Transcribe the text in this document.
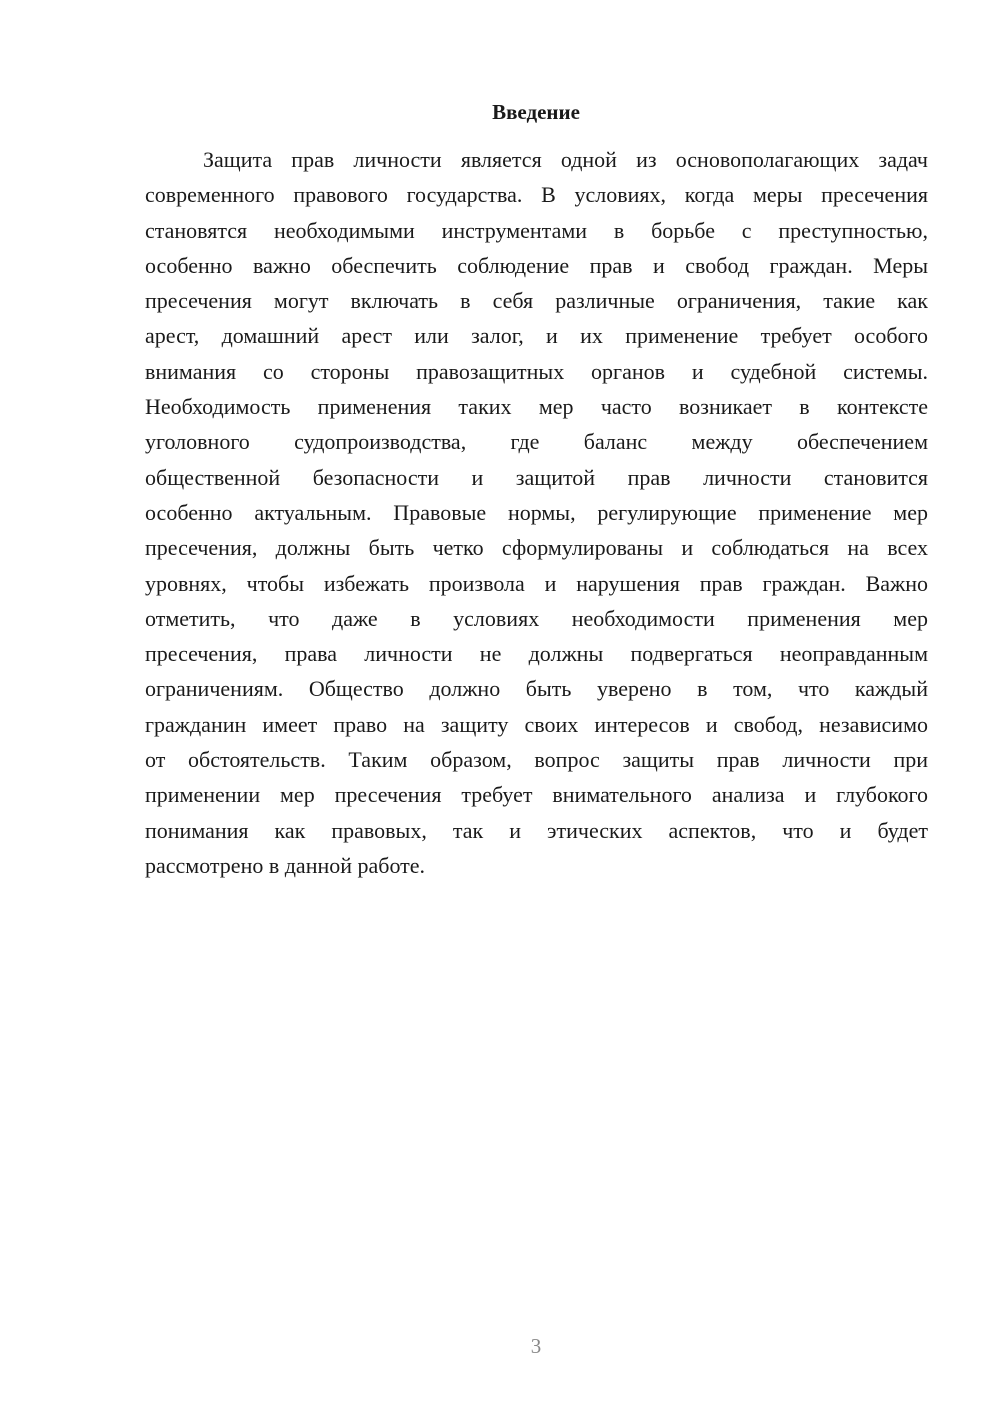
Введение
Защита прав личности является одной из основополагающих задач
современного правового государства. В условиях, когда меры пресечения
становятся необходимыми инструментами в борьбе с преступностью,
особенно важно обеспечить соблюдение прав и свобод граждан. Меры
пресечения могут включать в себя различные ограничения, такие как
арест, домашний арест или залог, и их применение требует особого
внимания со стороны правозащитных органов и судебной системы.
Необходимость применения таких мер часто возникает в контексте
уголовного судопроизводства, где баланс между обеспечением
общественной безопасности и защитой прав личности становится
особенно актуальным. Правовые нормы, регулирующие применение мер
пресечения, должны быть четко сформулированы и соблюдаться на всех
уровнях, чтобы избежать произвола и нарушения прав граждан. Важно
отметить, что даже в условиях необходимости применения мер
пресечения, права личности не должны подвергаться неоправданным
ограничениям. Общество должно быть уверено в том, что каждый
гражданин имеет право на защиту своих интересов и свобод, независимо
от обстоятельств. Таким образом, вопрос защиты прав личности при
применении мер пресечения требует внимательного анализа и глубокого
понимания как правовых, так и этических аспектов, что и будет
рассмотрено в данной работе.

3
